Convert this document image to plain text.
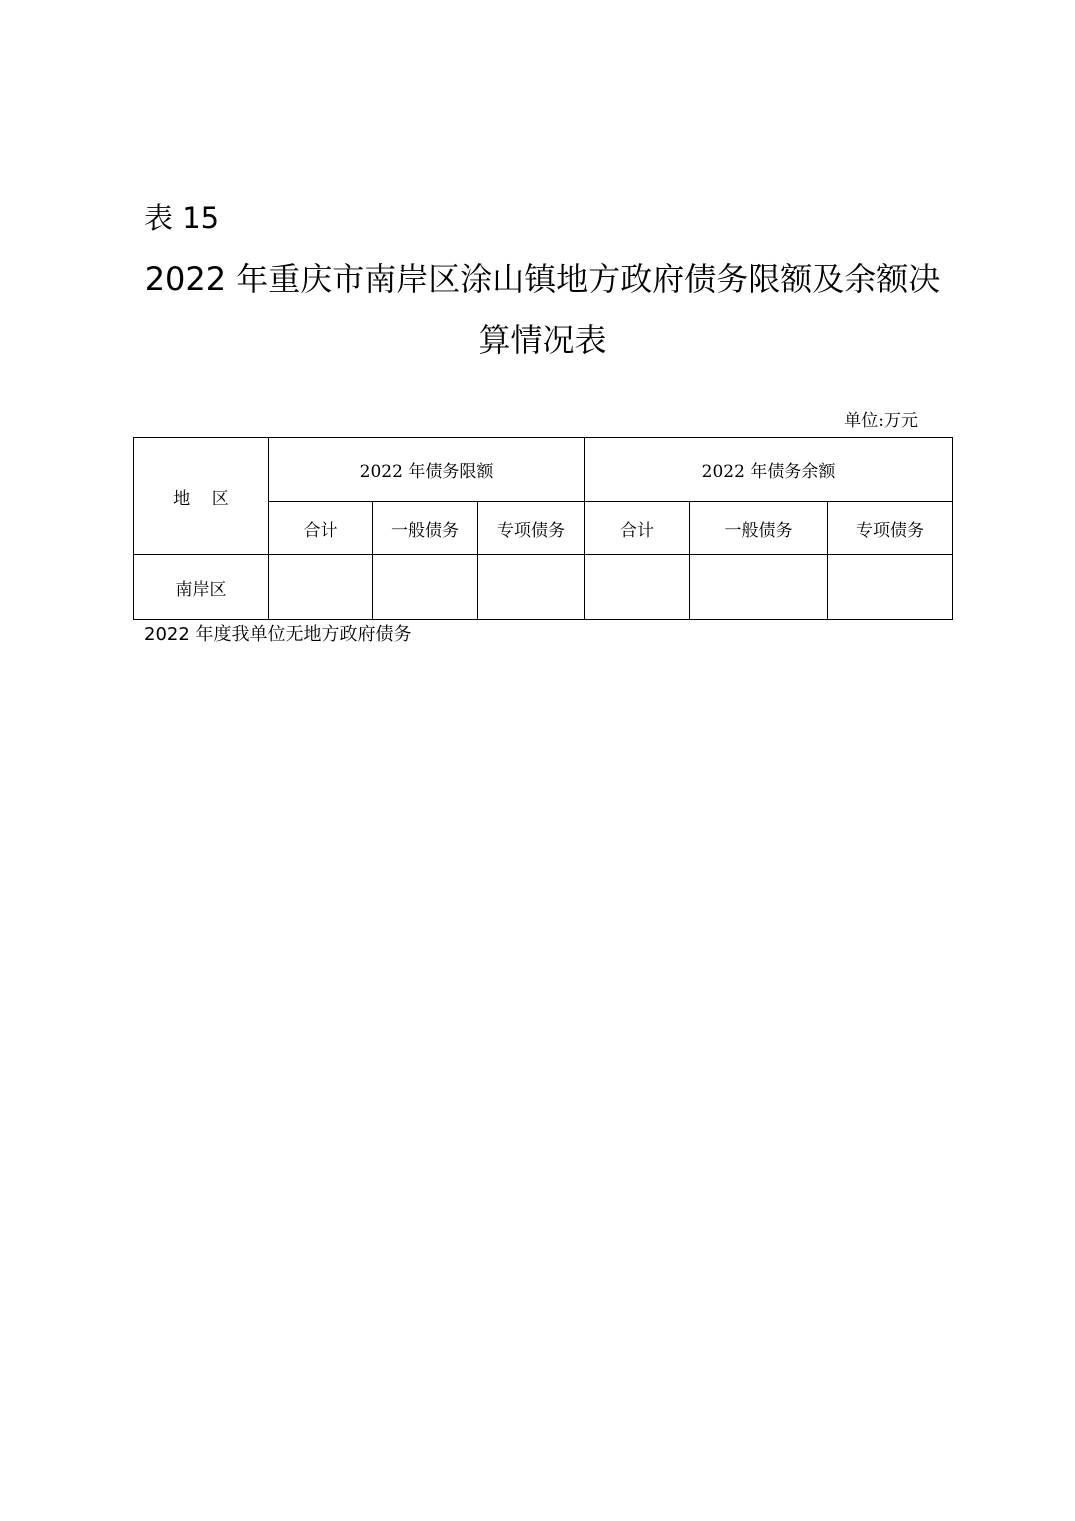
表 15
2022 年重庆市南岸区涂山镇地方政府债务限额及余额决
算情况表
单位:万元
地    区	2022 年债务限额			2022 年债务余额		
	合计	一般债务	专项债务	合计	一般债务	专项债务
南岸区						
2022 年度我单位无地方政府债务
